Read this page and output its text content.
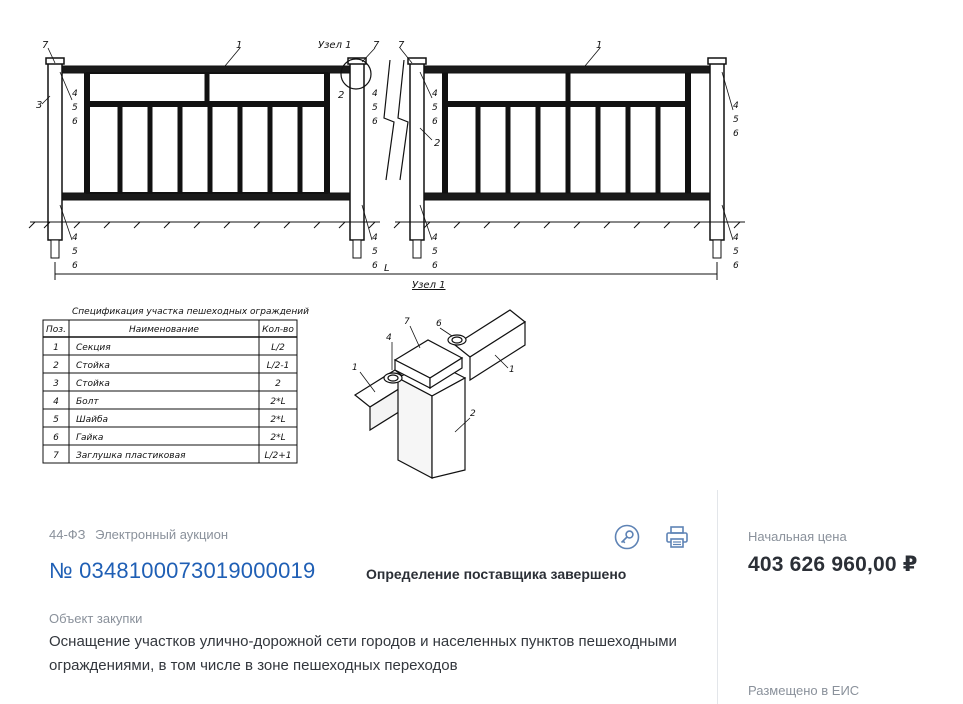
7	1	1
7
7
3
2
2
4
5
6
4
5
6
4
5
6
4
5
6
4
5
6
4
5
6
4
5
6
4
5
6
Узел 1
L
Узел 1
Спецификация участка пешеходных ограждений
Поз.	Наименование	Кол-во
1 Секция	L/2
2 Стойка	L/2-1
3 Стойка	2
4 Болт	2*L
5 Шайба	2*L
6 Гайка	2*L
7 Заглушка пластиковая	L/2+1
1
7
4
6
1
2
44-ФЗ Электронный аукцион
№ 0348100073019000019	Определение поставщика завершено
Объект закупки
Оснащение участков улично-дорожной сети городов и населенных пунктов пешеходными ограждениями, в том числе в зоне пешеходных переходов
Начальная цена
403 626 960,00 ₽
Размещено в ЕИС
